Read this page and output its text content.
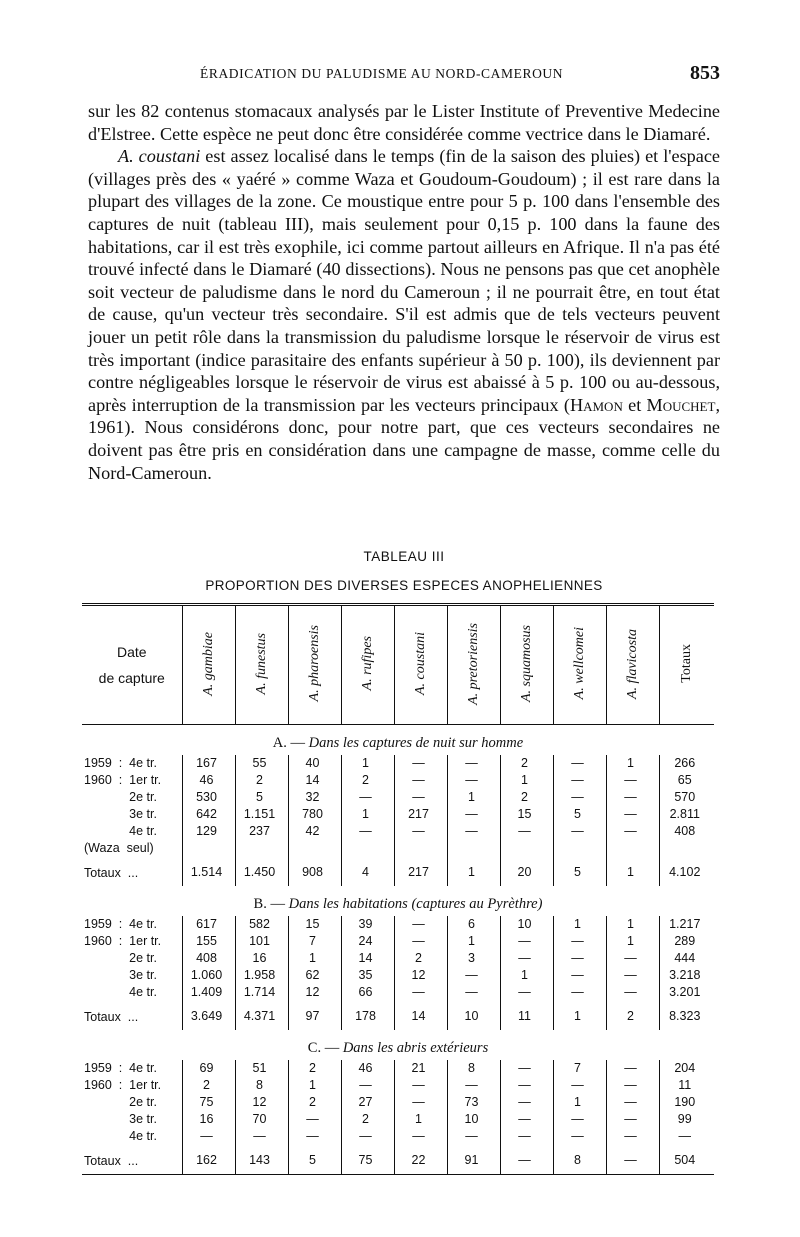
ÉRADICATION DU PALUDISME AU NORD-CAMEROUN	853

sur les 82 contenus stomacaux analysés par le Lister Institute of Preventive Medecine d'Elstree. Cette espèce ne peut donc être considérée comme vectrice dans le Diamaré.

A. coustani est assez localisé dans le temps (fin de la saison des pluies) et l'espace (villages près des « yaéré » comme Waza et Goudoum-Goudoum) ; il est rare dans la plupart des villages de la zone. Ce moustique entre pour 5 p. 100 dans l'ensemble des captures de nuit (tableau III), mais seulement pour 0,15 p. 100 dans la faune des habitations, car il est très exophile, ici comme partout ailleurs en Afrique. Il n'a pas été trouvé infecté dans le Diamaré (40 dissections). Nous ne pensons pas que cet anophèle soit vecteur de paludisme dans le nord du Cameroun ; il ne pourrait être, en tout état de cause, qu'un vecteur très secondaire. S'il est admis que de tels vecteurs peuvent jouer un petit rôle dans la transmission du paludisme lorsque le réservoir de virus est très important (indice parasitaire des enfants supérieur à 50 p. 100), ils deviennent par contre négligeables lorsque le réservoir de virus est abaissé à 5 p. 100 ou au-dessous, après interruption de la transmission par les vecteurs principaux (Hamon et Mouchet, 1961). Nous considérons donc, pour notre part, que ces vecteurs secondaires ne doivent pas être pris en considération dans une campagne de masse, comme celle du Nord-Cameroun.

TABLEAU III
PROPORTION DES DIVERSES ESPECES ANOPHELIENNES
Date
de capture	A. gambiae	A. funestus	A. pharoensis	A. rufipes	A. coustani	A. pretoriensis	A. squamosus	A. wellcomei	A. flavicosta	Totaux
A. — Dans les captures de nuit sur homme										
1959  :  4e tr.	167	55	40	1	—	—	2	—	1	266
1960  :  1er tr.	46	2	14	2	—	—	1	—	—	65
2e tr.	530	5	32	—	—	1	2	—	—	570
3e tr.	642	1.151	780	1	217	—	15	5	—	2.811
4e tr.	129	237	42	—	—	—	—	—	—	408
(Waza  seul)										
Totaux  ...	1.514	1.450	908	4	217	1	20	5	1	4.102
B. — Dans les habitations (captures au Pyrèthre)										
1959  :  4e tr.	617	582	15	39	—	6	10	1	1	1.217
1960  :  1er tr.	155	101	7	24	—	1	—	—	1	289
2e tr.	408	16	1	14	2	3	—	—	—	444
3e tr.	1.060	1.958	62	35	12	—	1	—	—	3.218
4e tr.	1.409	1.714	12	66	—	—	—	—	—	3.201
Totaux  ...	3.649	4.371	97	178	14	10	11	1	2	8.323
C. — Dans les abris extérieurs										
1959  :  4e tr.	69	51	2	46	21	8	—	7	—	204
1960  :  1er tr.	2	8	1	—	—	—	—	—	—	11
2e tr.	75	12	2	27	—	73	—	1	—	190
3e tr.	16	70	—	2	1	10	—	—	—	99
4e tr.	—	—	—	—	—	—	—	—	—	—
Totaux  ...	162	143	5	75	22	91	—	8	—	504
